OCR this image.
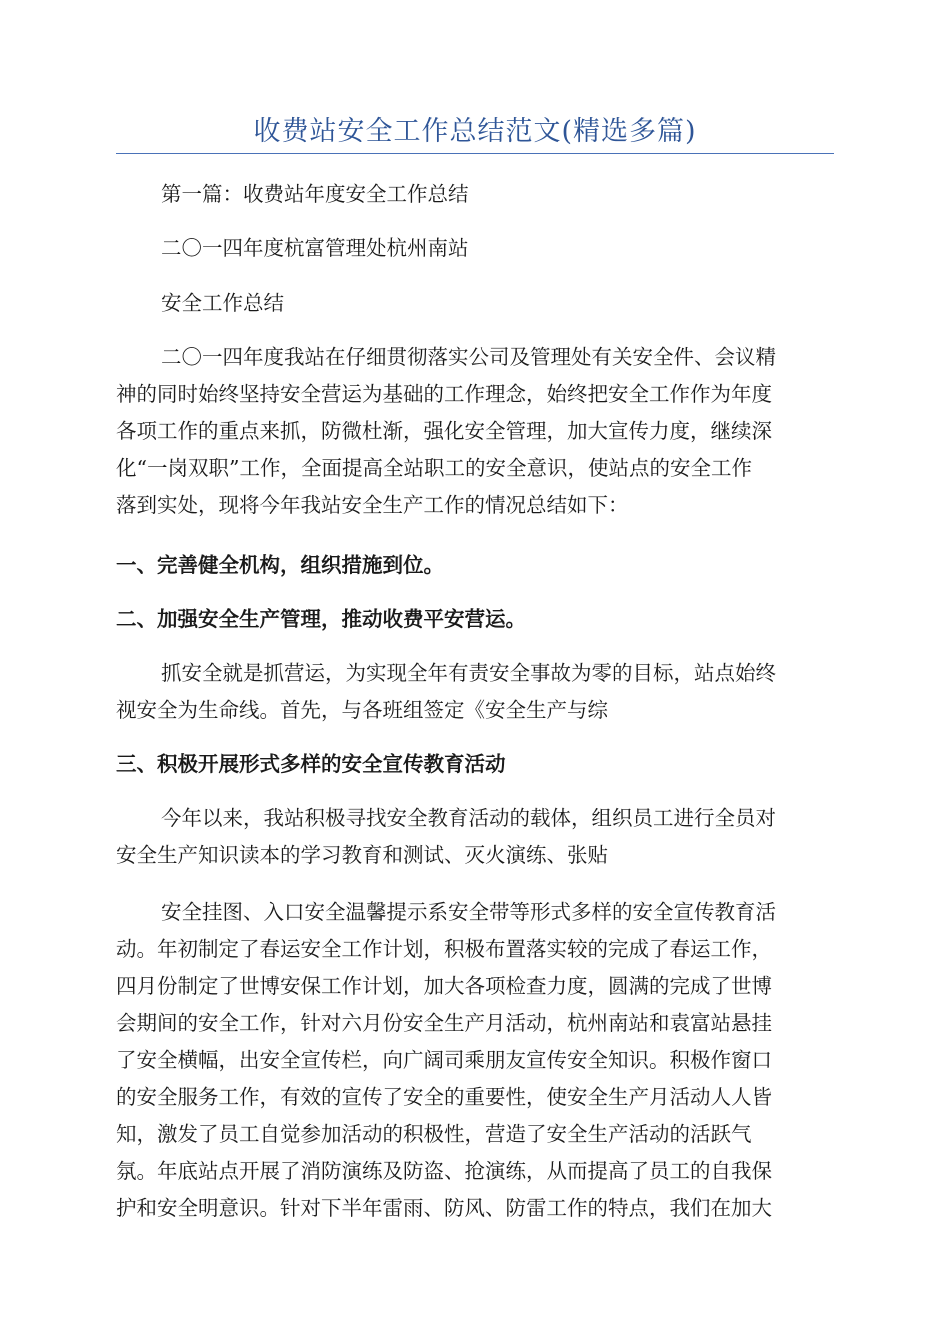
收费站安全工作总结范文(精选多篇)
第一篇：收费站年度安全工作总结
二〇一四年度杭富管理处杭州南站
安全工作总结
二〇一四年度我站在仔细贯彻落实公司及管理处有关安全件、会议精
神的同时始终坚持安全营运为基础的工作理念，始终把安全工作作为年度
各项工作的重点来抓，防微杜渐，强化安全管理，加大宣传力度，继续深
化“一岗双职”工作，全面提高全站职工的安全意识，使站点的安全工作
落到实处，现将今年我站安全生产工作的情况总结如下：
一、完善健全机构，组织措施到位。
二、加强安全生产管理，推动收费平安营运。
抓安全就是抓营运，为实现全年有责安全事故为零的目标，站点始终
视安全为生命线。首先，与各班组签定《安全生产与综
三、积极开展形式多样的安全宣传教育活动
今年以来，我站积极寻找安全教育活动的载体，组织员工进行全员对
安全生产知识读本的学习教育和测试、灭火演练、张贴
安全挂图、入口安全温馨提示系安全带等形式多样的安全宣传教育活
动。年初制定了春运安全工作计划，积极布置落实较的完成了春运工作，
四月份制定了世博安保工作计划，加大各项检查力度，圆满的完成了世博
会期间的安全工作，针对六月份安全生产月活动，杭州南站和袁富站悬挂
了安全横幅，出安全宣传栏，向广阔司乘朋友宣传安全知识。积极作窗口
的安全服务工作，有效的宣传了安全的重要性，使安全生产月活动人人皆
知，激发了员工自觉参加活动的积极性，营造了安全生产活动的活跃气
氛。年底站点开展了消防演练及防盗、抢演练，从而提高了员工的自我保
护和安全明意识。针对下半年雷雨、防风、防雷工作的特点，我们在加大
